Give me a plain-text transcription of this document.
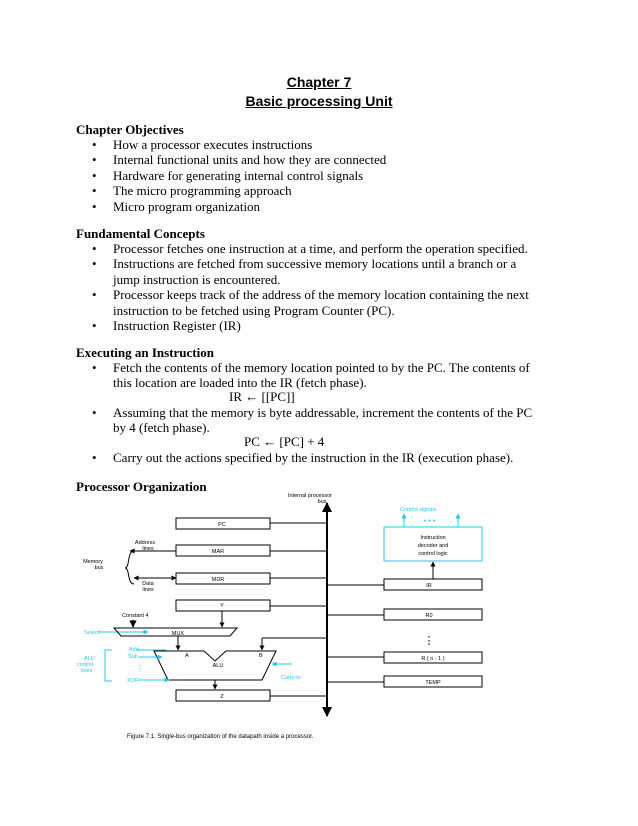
Chapter 7
Basic processing Unit
Chapter Objectives
• How a processor executes instructions
• Internal functional units and how they are connected
• Hardware for generating internal control signals
• The micro programming approach
• Micro program organization
Fundamental Concepts
• Processor fetches one instruction at a time, and perform the operation specified.
• Instructions are fetched from successive memory locations until a branch or a jump instruction is encountered.
• Processor keeps track of the address of the memory location containing the next instruction to be fetched using Program Counter (PC).
• Instruction Register (IR)
Executing an Instruction
• Fetch the contents of the memory location pointed to by the PC. The contents of this location are loaded into the IR (fetch phase).
IR ← [[PC]]
• Assuming that the memory is byte addressable, increment the contents of the PC by 4 (fetch phase).
PC ← [PC] + 4
• Carry out the actions specified by the instruction in the IR (execution phase).
Processor Organization
Internal processor
bus
Control signals
• • •
Instruction
decoder and
control logic
PC
MAR
Address
lines
Memory
bus
MDR
Data
lines
IR
Y
R0
Constant 4
Select	MUX
A	B
ALU
ALU
control
lines
Add
Sub
⋮
XOR	Carry-in
⋮
R ( n - 1 )
TEMP
Z
Figure 7.1. Single-bus organization of the datapath inside a processor.
